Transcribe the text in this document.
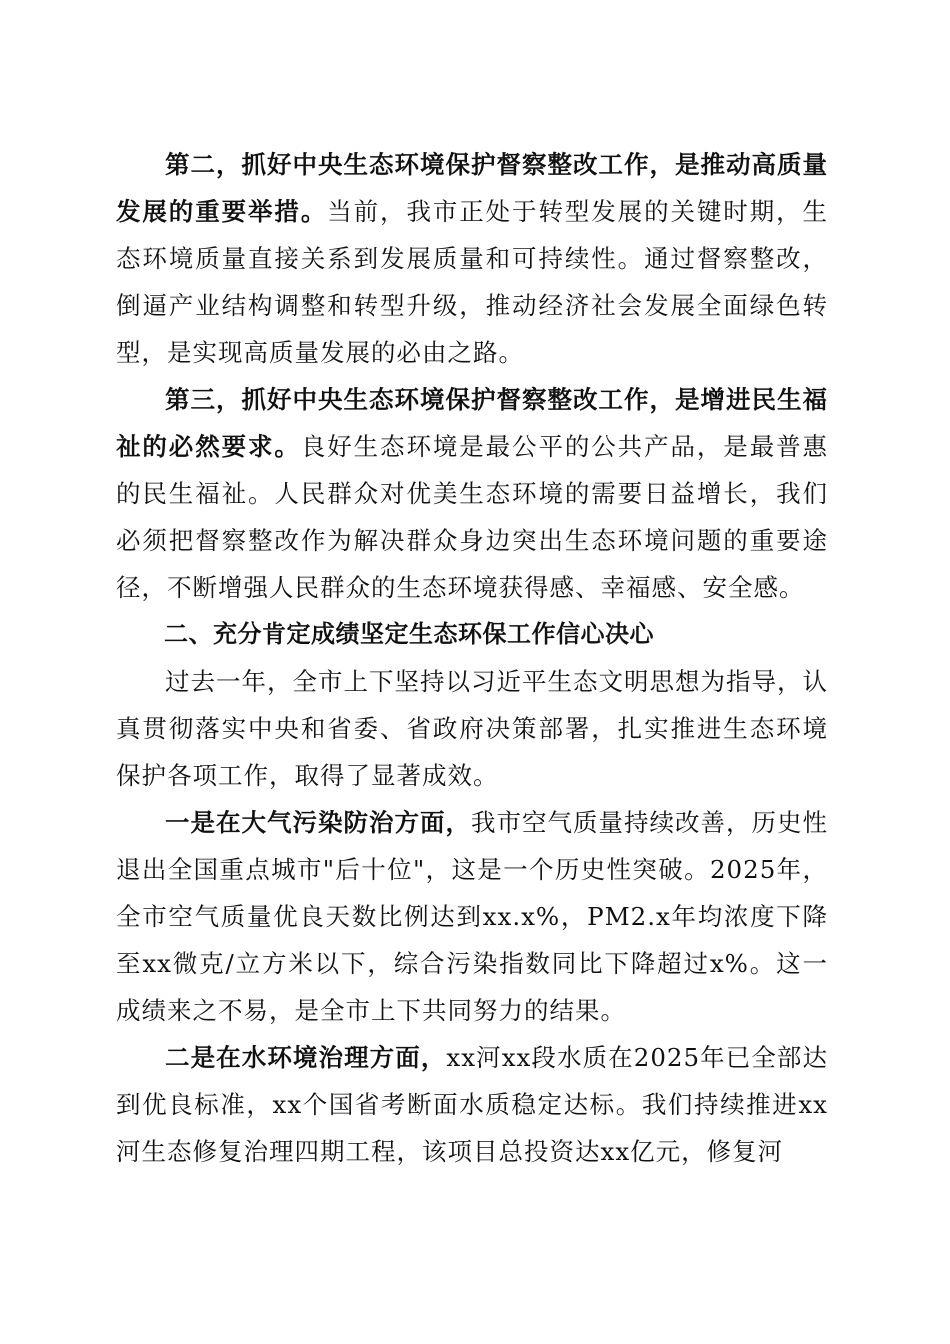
第二，抓好中央生态环境保护督察整改工作，是推动高质量发展的重要举措。当前，我市正处于转型发展的关键时期，生态环境质量直接关系到发展质量和可持续性。通过督察整改，倒逼产业结构调整和转型升级，推动经济社会发展全面绿色转型，是实现高质量发展的必由之路。

第三，抓好中央生态环境保护督察整改工作，是增进民生福祉的必然要求。良好生态环境是最公平的公共产品，是最普惠的民生福祉。人民群众对优美生态环境的需要日益增长，我们必须把督察整改作为解决群众身边突出生态环境问题的重要途径，不断增强人民群众的生态环境获得感、幸福感、安全感。

二、充分肯定成绩坚定生态环保工作信心决心

过去一年，全市上下坚持以习近平生态文明思想为指导，认真贯彻落实中央和省委、省政府决策部署，扎实推进生态环境保护各项工作，取得了显著成效。

一是在大气污染防治方面，我市空气质量持续改善，历史性退出全国重点城市"后十位"，这是一个历史性突破。2025年，全市空气质量优良天数比例达到xx.x%，PM2.x年均浓度下降至xx微克/立方米以下，综合污染指数同比下降超过x%。这一成绩来之不易，是全市上下共同努力的结果。

二是在水环境治理方面，xx河xx段水质在2025年已全部达到优良标准，xx个国省考断面水质稳定达标。我们持续推进xx河生态修复治理四期工程，该项目总投资达xx亿元，修复河
